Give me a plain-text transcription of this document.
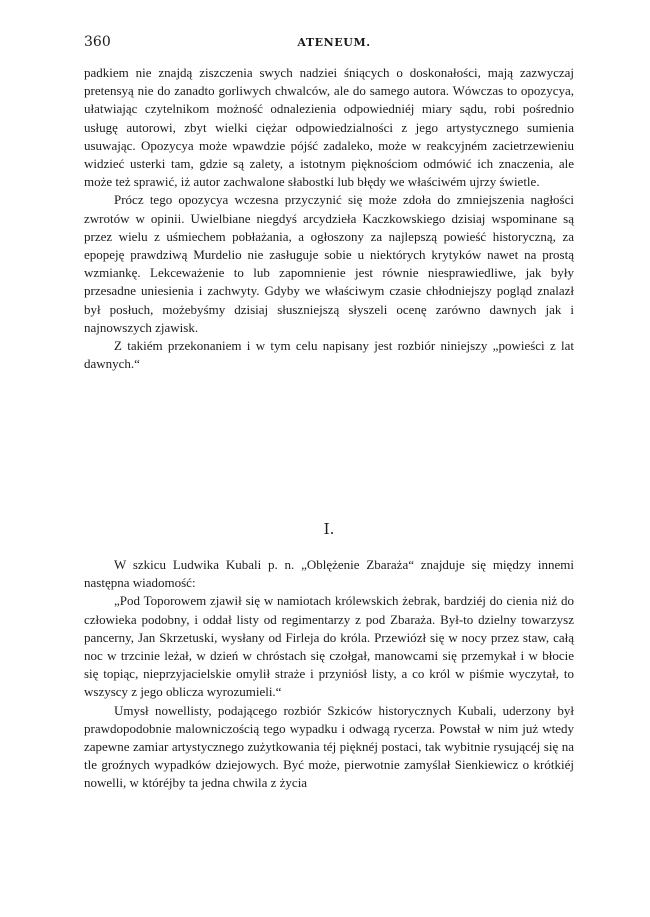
360	ATENEUM.

padkiem nie znajdą ziszczenia swych nadziei śniących o doskonałości, mają zazwyczaj pretensyą nie do zanadto gorliwych chwalców, ale do samego autora. Wówczas to opozycya, ułatwiając czytelnikom możność odnalezienia odpowiedniéj miary sądu, robi pośrednio usługę autorowi, zbyt wielki ciężar odpowiedzialności z jego artystycznego sumienia usuwając. Opozycya może wpawdzie pójść zadaleko, może w reakcyjném zacietrzewieniu widzieć usterki tam, gdzie są zalety, a istotnym pięknościom odmówić ich znaczenia, ale może też sprawić, iż autor zachwalone słabostki lub błędy we właściwém ujrzy świetle.

Prócz tego opozycya wczesna przyczynić się może zdoła do zmniejszenia nagłości zwrotów w opinii. Uwielbiane niegdyś arcydzieła Kaczkowskiego dzisiaj wspominane są przez wielu z uśmiechem pobłażania, a ogłoszony za najlepszą powieść historyczną, za epopeję prawdziwą Murdelio nie zasługuje sobie u niektórych krytyków nawet na prostą wzmiankę. Lekceważenie to lub zapomnienie jest równie niesprawiedliwe, jak były przesadne uniesienia i zachwyty. Gdyby we właściwym czasie chłodniejszy pogląd znalazł był posłuch, możebyśmy dzisiaj słuszniejszą słyszeli ocenę zarówno dawnych jak i najnowszych zjawisk.

Z takiém przekonaniem i w tym celu napisany jest rozbiór niniejszy „powieści z lat dawnych.“

I.

W szkicu Ludwika Kubali p. n. „Oblężenie Zbaraża“ znajduje się między innemi następna wiadomość:

„Pod Toporowem zjawił się w namiotach królewskich żebrak, bardziéj do cienia niż do człowieka podobny, i oddał listy od regimentarzy z pod Zbaraża. Był-to dzielny towarzysz pancerny, Jan Skrzetuski, wysłany od Firleja do króla. Przewiózł się w nocy przez staw, całą noc w trzcinie leżał, w dzień w chróstach się czołgał, manowcami się przemykał i w błocie się topiąc, nieprzyjacielskie omylił straże i przyniósł listy, a co król w piśmie wyczytał, to wszyscy z jego oblicza wyrozumieli.“

Umysł nowellisty, podającego rozbiór Szkiców historycznych Kubali, uderzony był prawdopodobnie malowniczością tego wypadku i odwagą rycerza. Powstał w nim już wtedy zapewne zamiar artystycznego zużytkowania téj pięknéj postaci, tak wybitnie rysującéj się na tle groźnych wypadków dziejowych. Być może, pierwotnie zamyślał Sienkiewicz o krótkiéj nowelli, w któréjby ta jedna chwila z życia
